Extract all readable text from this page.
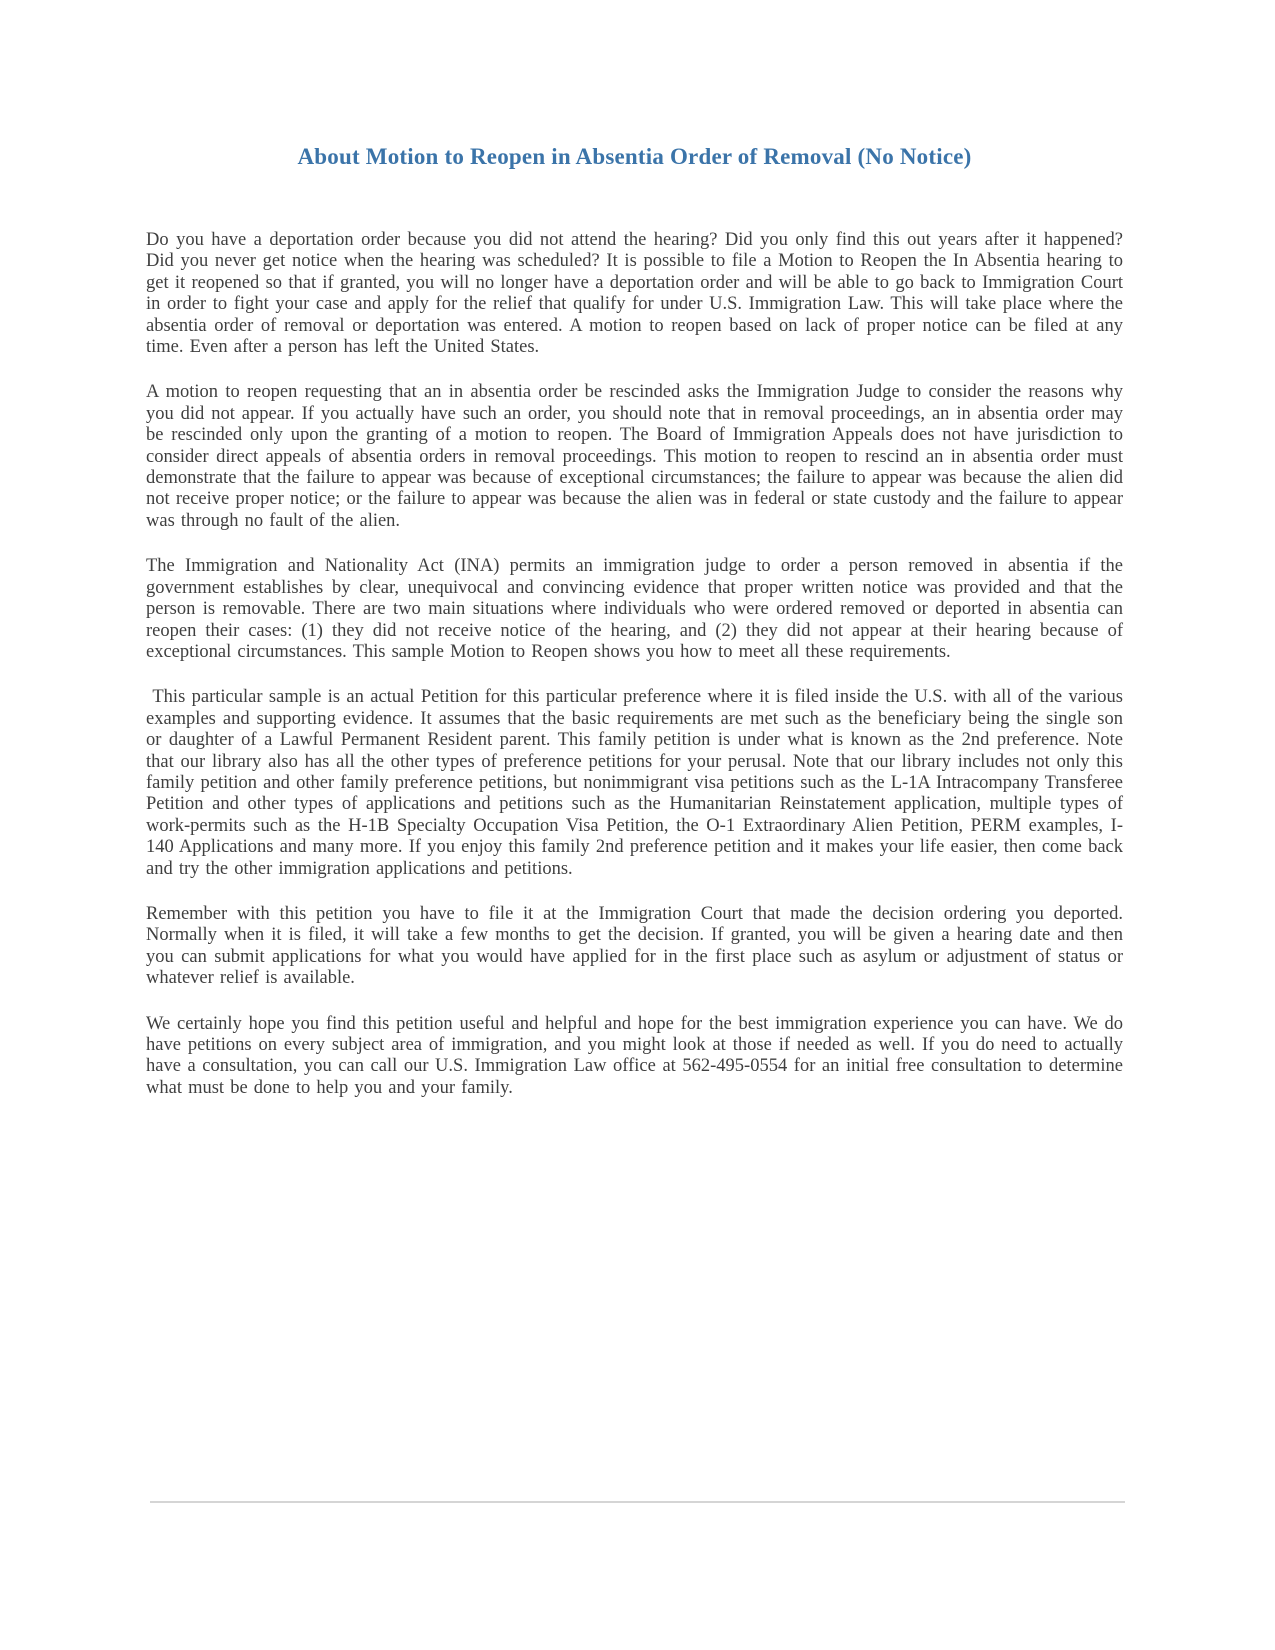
About Motion to Reopen in Absentia Order of Removal (No Notice)

Do you have a deportation order because you did not attend the hearing? Did you only find this out years after it happened? Did you never get notice when the hearing was scheduled? It is possible to file a Motion to Reopen the In Absentia hearing to get it reopened so that if granted, you will no longer have a deportation order and will be able to go back to Immigration Court in order to fight your case and apply for the relief that qualify for under U.S. Immigration Law. This will take place where the absentia order of removal or deportation was entered. A motion to reopen based on lack of proper notice can be filed at any time. Even after a person has left the United States.

A motion to reopen requesting that an in absentia order be rescinded asks the Immigration Judge to consider the reasons why you did not appear. If you actually have such an order, you should note that in removal proceedings, an in absentia order may be rescinded only upon the granting of a motion to reopen. The Board of Immigration Appeals does not have jurisdiction to consider direct appeals of absentia orders in removal proceedings. This motion to reopen to rescind an in absentia order must demonstrate that the failure to appear was because of exceptional circumstances; the failure to appear was because the alien did not receive proper notice; or the failure to appear was because the alien was in federal or state custody and the failure to appear was through no fault of the alien.

The Immigration and Nationality Act (INA) permits an immigration judge to order a person removed in absentia if the government establishes by clear, unequivocal and convincing evidence that proper written notice was provided and that the person is removable. There are two main situations where individuals who were ordered removed or deported in absentia can reopen their cases: (1) they did not receive notice of the hearing, and (2) they did not appear at their hearing because of exceptional circumstances. This sample Motion to Reopen shows you how to meet all these requirements.

This particular sample is an actual Petition for this particular preference where it is filed inside the U.S. with all of the various examples and supporting evidence. It assumes that the basic requirements are met such as the beneficiary being the single son or daughter of a Lawful Permanent Resident parent. This family petition is under what is known as the 2nd preference. Note that our library also has all the other types of preference petitions for your perusal. Note that our library includes not only this family petition and other family preference petitions, but nonimmigrant visa petitions such as the L-1A Intracompany Transferee Petition and other types of applications and petitions such as the Humanitarian Reinstatement application, multiple types of work-permits such as the H-1B Specialty Occupation Visa Petition, the O-1 Extraordinary Alien Petition, PERM examples, I-140 Applications and many more. If you enjoy this family 2nd preference petition and it makes your life easier, then come back and try the other immigration applications and petitions.

Remember with this petition you have to file it at the Immigration Court that made the decision ordering you deported. Normally when it is filed, it will take a few months to get the decision. If granted, you will be given a hearing date and then you can submit applications for what you would have applied for in the first place such as asylum or adjustment of status or whatever relief is available.

We certainly hope you find this petition useful and helpful and hope for the best immigration experience you can have. We do have petitions on every subject area of immigration, and you might look at those if needed as well. If you do need to actually have a consultation, you can call our U.S. Immigration Law office at 562-495-0554 for an initial free consultation to determine what must be done to help you and your family.
